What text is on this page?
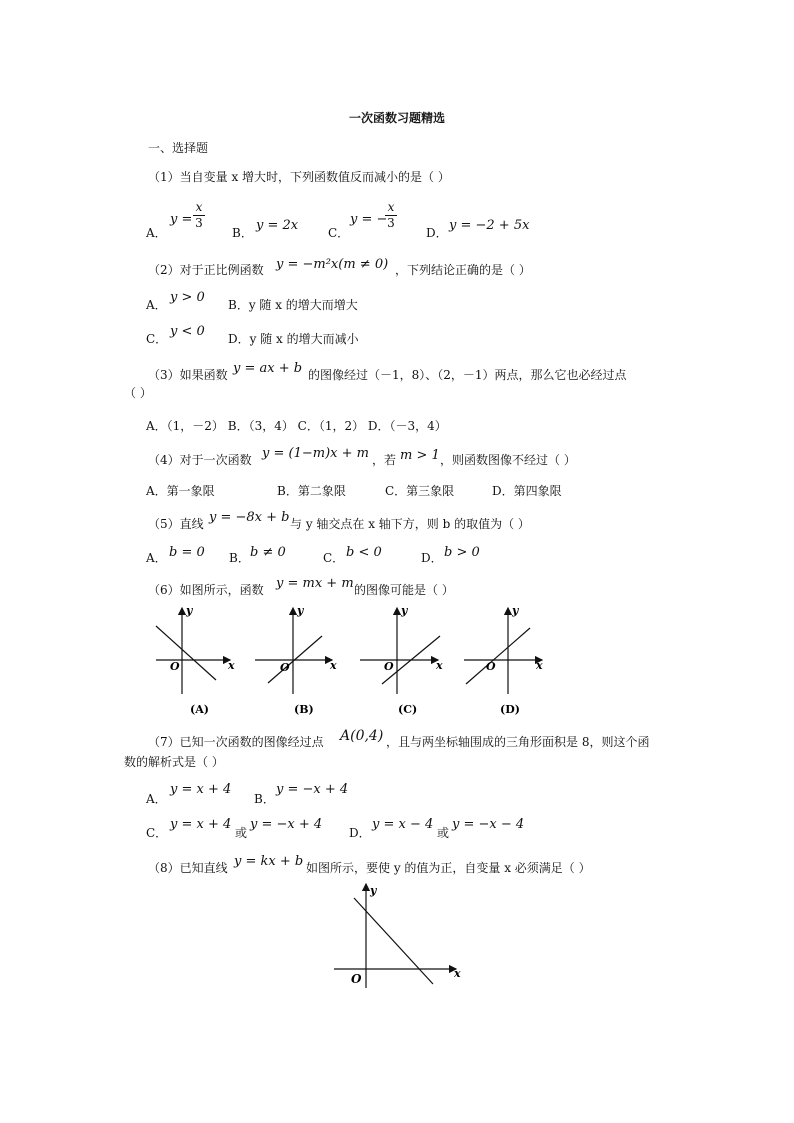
一次函数习题精选
一、选择题
（1）当自变量 x 增大时，下列函数值反而减小的是（ ）
A．
y =
x
3
B． y = 2x C．
y = −
x
3
D． y = −2 + 5x
（2）对于正比例函数 y = −m²x(m ≠ 0) ，下列结论正确的是（ ）
A． y > 0 B．y 随 x 的增大而增大
C． y < 0 D．y 随 x 的增大而减小
（3）如果函数 y = ax + b 的图像经过（－1，8）、（2，－1）两点，那么它也必经过点
（ ）
A．（1，－2） B．（3，4） C．（1，2） D．（－3，4）
（4）对于一次函数 y = (1−m)x + m ，若 m > 1 ，则函数图像不经过（ ）
A．第一象限	B．第二象限	C．第三象限	D．第四象限
（5）直线 y = −8x + b 与 y 轴交点在 x 轴下方，则 b 的取值为（ ）
A． b = 0 B． b ≠ 0	C． b < 0	D． b > 0
（6）如图所示，函数 y = mx + m 的图像可能是（ ）
y
x
O
(A)
y
x
O
(B)
y
x
O
(C)
y
x
O
(D)
（7）已知一次函数的图像经过点 A(0,4) ，且与两坐标轴围成的三角形面积是 8，则这个函
数的解析式是（ ）
A．
y = x + 4
B．
y = −x + 4
C．
y = x + 4
或
y = −x + 4
D．
y = x − 4
或
y = −x − 4
（8）已知直线 y = kx + b 如图所示，要使 y 的值为正，自变量 x 必须满足（ ）
y
x
O
